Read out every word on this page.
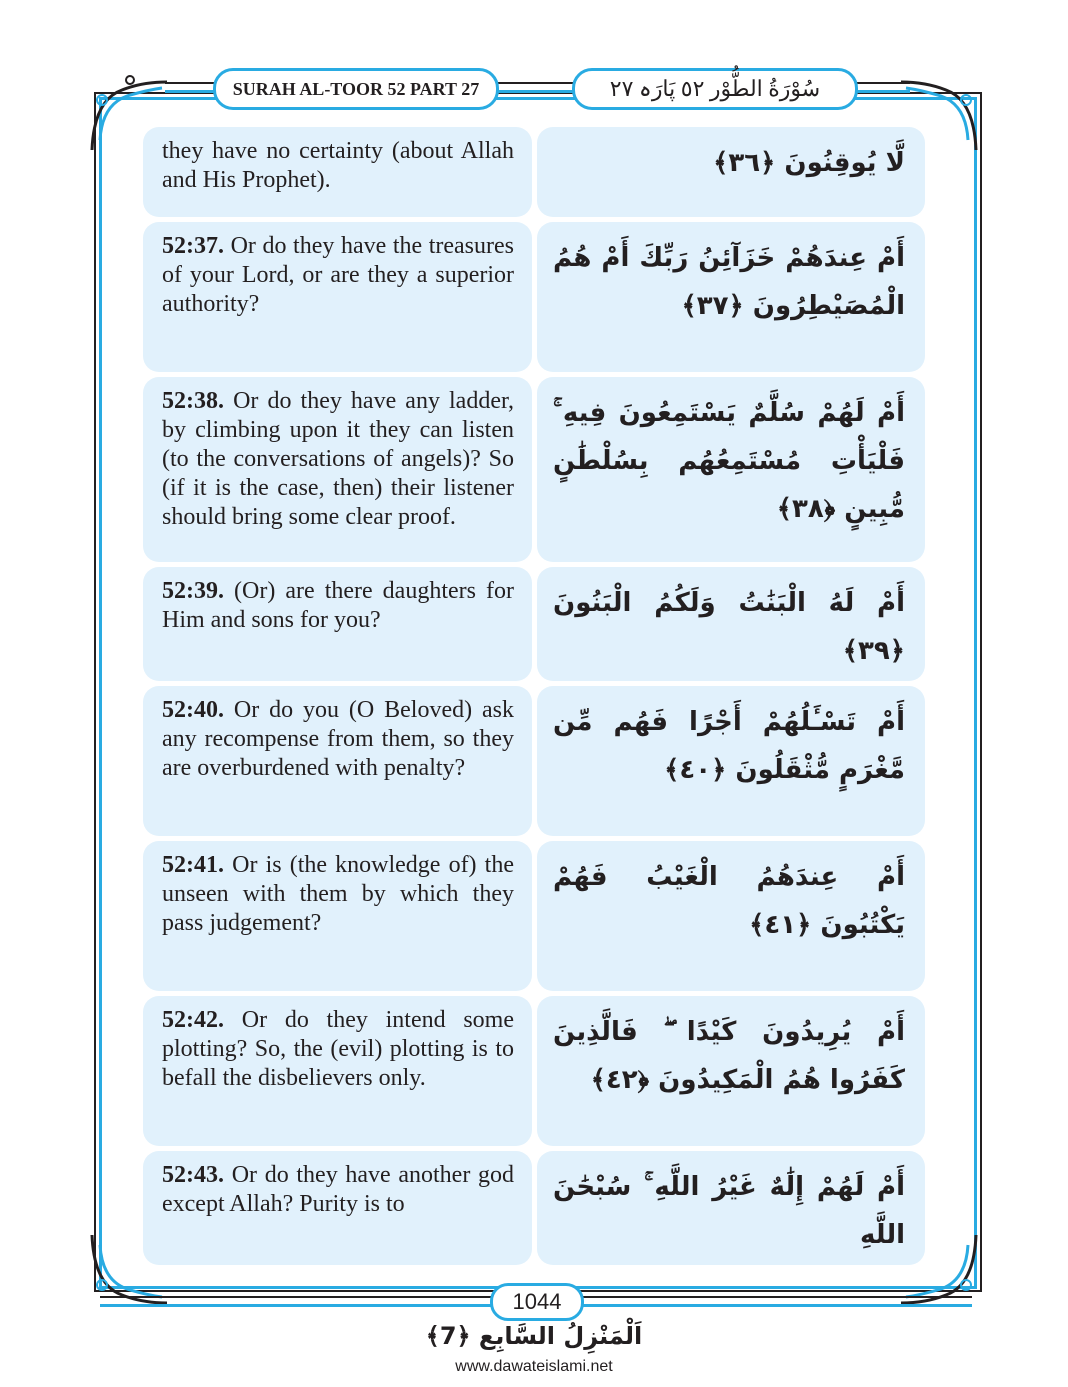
SURAH AL-TOOR 52 PART 27	سُوْرَةُ الطُّوْر ٥٢ پَارَہ ٢٧
they have no certainty (about Allah and His Prophet).
لَّا يُوقِنُونَ ﴿٣٦﴾
52:37. Or do they have the treasures of your Lord, or are they a superior authority?
أَمْ عِندَهُمْ خَزَآئِنُ رَبِّكَ أَمْ هُمُ الْمُصَيْطِرُونَ ﴿٣٧﴾
52:38. Or do they have any ladder, by climbing upon it they can listen (to the conversations of angels)? So (if it is the case, then) their listener should bring some clear proof.
أَمْ لَهُمْ سُلَّمٌ يَسْتَمِعُونَ فِيهِ ۚ فَلْيَأْتِ مُسْتَمِعُهُم بِسُلْطَٰنٍ مُّبِينٍ ﴿٣٨﴾
52:39. (Or) are there daughters for Him and sons for you?
أَمْ لَهُ الْبَنَٰتُ وَلَكُمُ الْبَنُونَ ﴿٣٩﴾
52:40. Or do you (O Beloved) ask any recompense from them, so they are overburdened with penalty?
أَمْ تَسْـَٔلُهُمْ أَجْرًا فَهُم مِّن مَّغْرَمٍ مُّثْقَلُونَ ﴿٤٠﴾
52:41. Or is (the knowledge of) the unseen with them by which they pass judgement?
أَمْ عِندَهُمُ الْغَيْبُ فَهُمْ يَكْتُبُونَ ﴿٤١﴾
52:42. Or do they intend some plotting? So, the (evil) plotting is to befall the disbelievers only.
أَمْ يُرِيدُونَ كَيْدًا ۖ فَالَّذِينَ كَفَرُوا هُمُ الْمَكِيدُونَ ﴿٤٢﴾
52:43. Or do they have another god except Allah? Purity is to
أَمْ لَهُمْ إِلَٰهٌ غَيْرُ اللَّهِ ۚ سُبْحَٰنَ اللَّهِ
1044
اَلْمَنْزِلُ السَّابِع ﴿7﴾
www.dawateislami.net
